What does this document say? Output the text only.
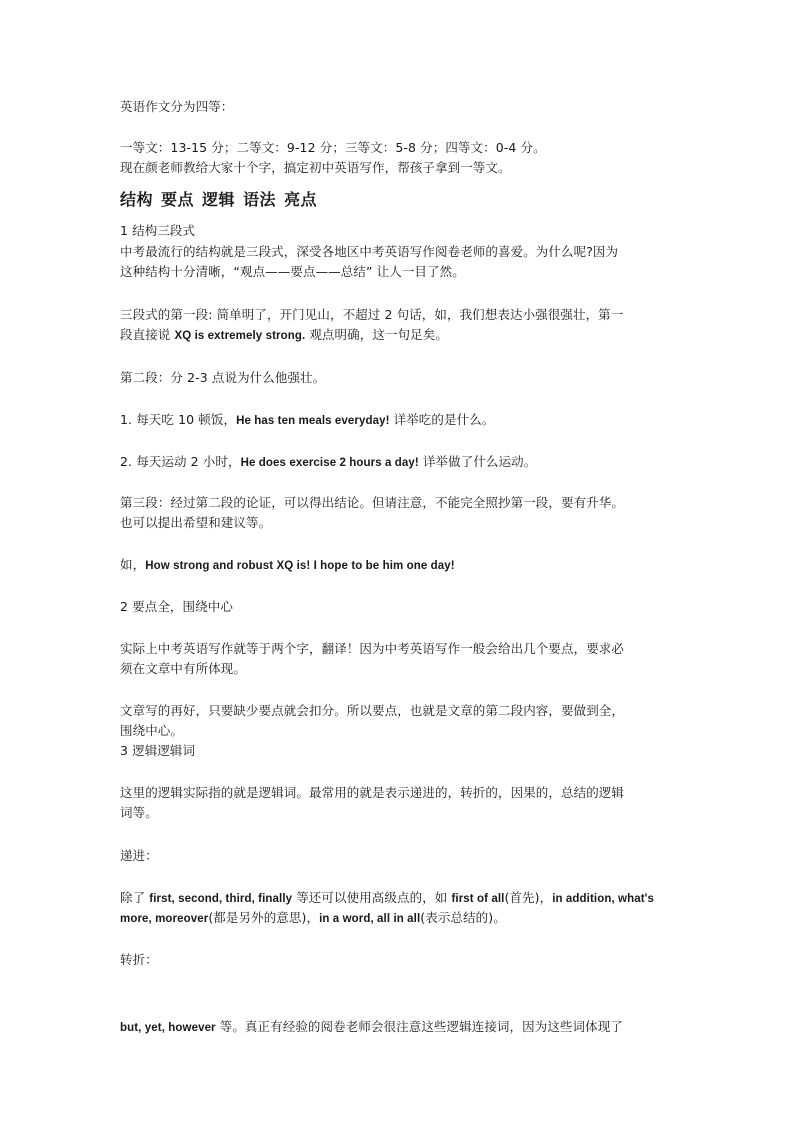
英语作文分为四等：
一等文：13-15 分；二等文：9-12 分；三等文：5-8 分；四等文：0-4 分。
现在颜老师教给大家十个字，搞定初中英语写作，帮孩子拿到一等文。
结构 要点 逻辑 语法 亮点
1 结构三段式
中考最流行的结构就是三段式，深受各地区中考英语写作阅卷老师的喜爱。为什么呢?因为
这种结构十分清晰，“观点——要点——总结” 让人一目了然。
三段式的第一段: 简单明了，开门见山，不超过 2 句话，如，我们想表达小强很强壮，第一
段直接说 XQ is extremely strong. 观点明确，这一句足矣。
第二段：分 2-3 点说为什么他强壮。
1. 每天吃 10 顿饭，He has ten meals everyday! 详举吃的是什么。
2. 每天运动 2 小时，He does exercise 2 hours a day! 详举做了什么运动。
第三段：经过第二段的论证，可以得出结论。但请注意，不能完全照抄第一段，要有升华。
也可以提出希望和建议等。
如，How strong and robust XQ is! I hope to be him one day!
2 要点全，围绕中心
实际上中考英语写作就等于两个字，翻译！因为中考英语写作一般会给出几个要点，要求必
须在文章中有所体现。
文章写的再好，只要缺少要点就会扣分。所以要点，也就是文章的第二段内容，要做到全，
围绕中心。
3 逻辑逻辑词
这里的逻辑实际指的就是逻辑词。最常用的就是表示递进的，转折的，因果的，总结的逻辑
词等。
递进：
除了 first, second, third, finally 等还可以使用高级点的，如 first of all(首先)，in addition, what's
more, moreover(都是另外的意思)，in a word, all in all(表示总结的)。
转折：
but, yet, however 等。真正有经验的阅卷老师会很注意这些逻辑连接词，因为这些词体现了
